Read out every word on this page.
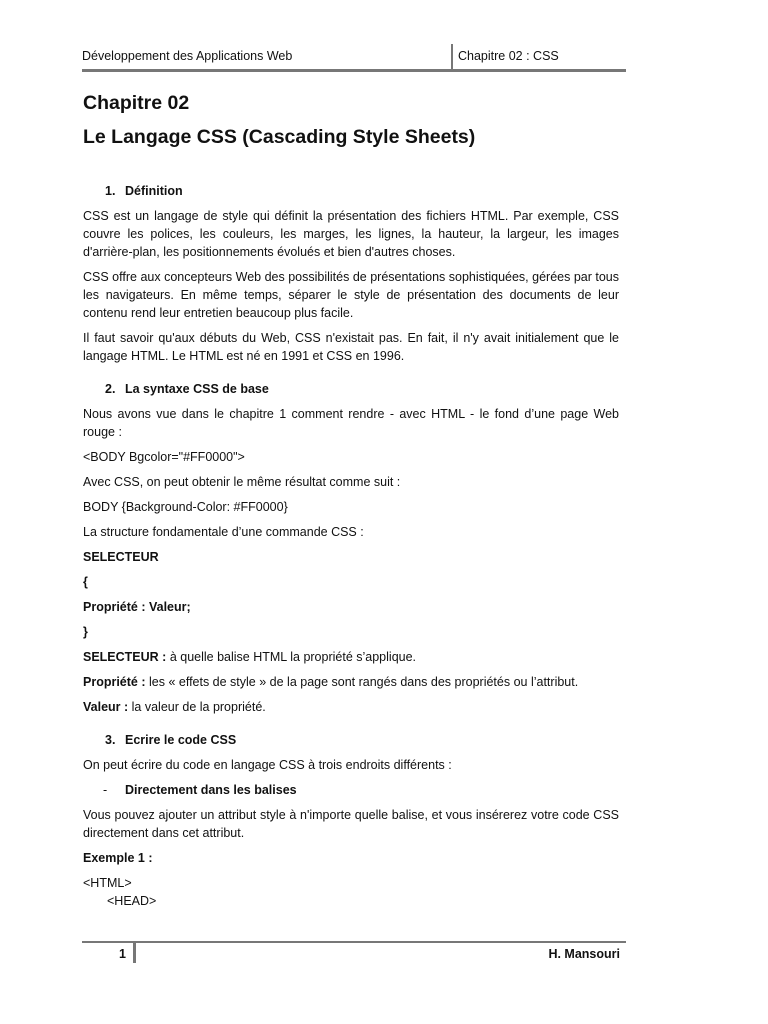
Développement des Applications Web	Chapitre 02 : CSS
Chapitre 02
Le Langage CSS (Cascading Style Sheets)
1. Définition

CSS est un langage de style qui définit la présentation des fichiers HTML. Par exemple, CSS couvre les polices, les couleurs, les marges, les lignes, la hauteur, la largeur, les images d'arrière-plan, les positionnements évolués et bien d'autres choses.

CSS offre aux concepteurs Web des possibilités de présentations sophistiquées, gérées par tous les navigateurs. En même temps, séparer le style de présentation des documents de leur contenu rend leur entretien beaucoup plus facile.

Il faut savoir qu'aux débuts du Web, CSS n'existait pas. En fait, il n'y avait initialement que le langage HTML. Le HTML est né en 1991 et CSS en 1996.

2. La syntaxe CSS de base

Nous avons vue dans le chapitre 1 comment rendre - avec HTML - le fond d’une page Web rouge :

<BODY Bgcolor="#FF0000">

Avec CSS, on peut obtenir le même résultat comme suit :

BODY {Background-Color: #FF0000}

La structure fondamentale d’une commande CSS :

SELECTEUR

{

Propriété : Valeur;

}

SELECTEUR : à quelle balise HTML la propriété s’applique.

Propriété : les « effets de style » de la page sont rangés dans des propriétés ou l’attribut.

Valeur : la valeur de la propriété.

3. Ecrire le code CSS

On peut écrire du code en langage CSS à trois endroits différents :

- Directement dans les balises

Vous pouvez ajouter un attribut style à n'importe quelle balise, et vous insérerez votre code CSS directement dans cet attribut.

Exemple 1 :

<HTML>

<HEAD>

1	H. Mansouri
